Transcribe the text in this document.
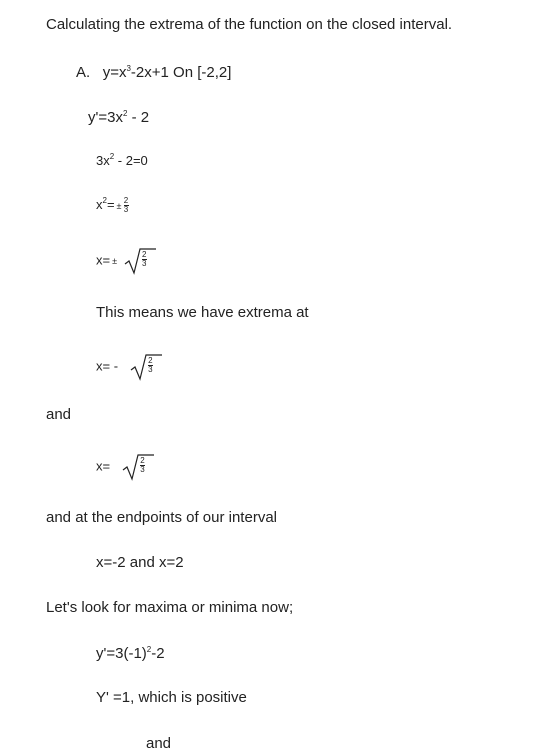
Calculating the extrema of the function on the closed interval.
A. $y=x^3-2x+1$ On [-2,2]
$y'=3x^2 - 2$
$3x^2 - 2=0$
$x^2= \pm \frac{2}{3}$
x= ±	$\frac{2}{3}$
This means we have extrema at
x= -	$\frac{2}{3}$
and
x=	$\frac{2}{3}$
and at the endpoints of our interval
x=-2 and x=2
Let's look for maxima or minima now;
$y'=3(-1)^2-2$
Y' =1, which is positive
and
